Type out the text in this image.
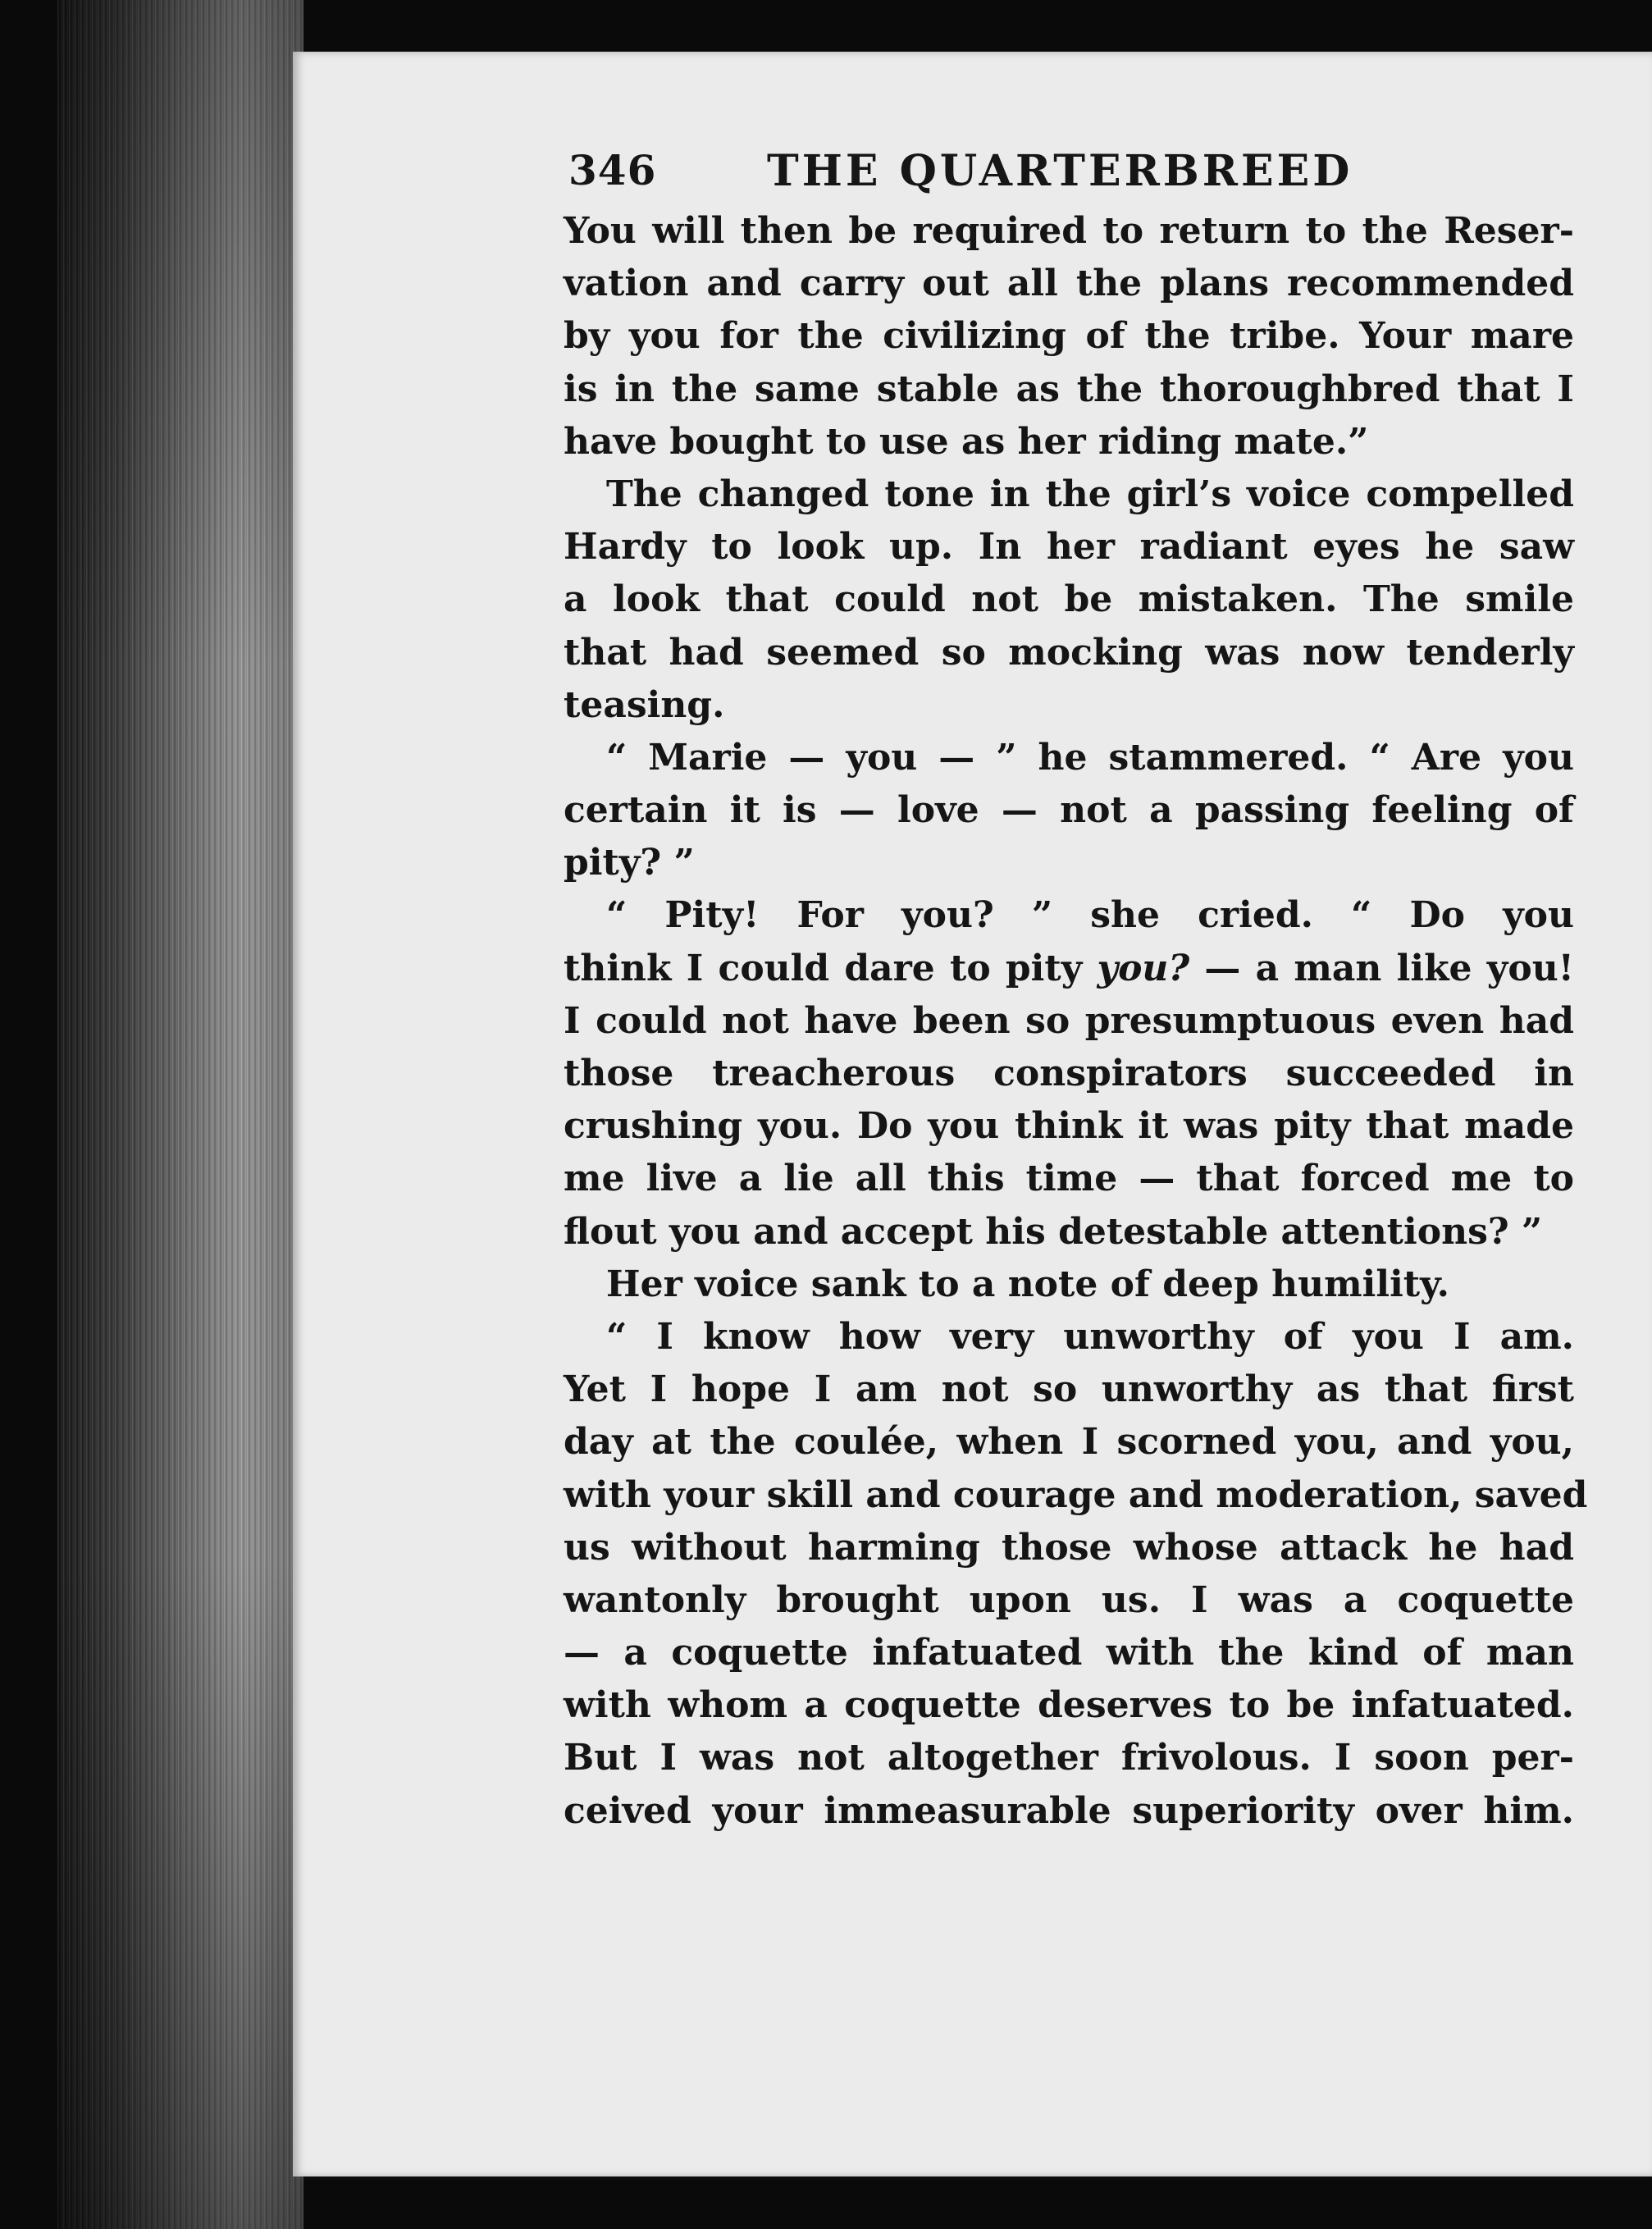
346	THE QUARTERBREED
You will then be required to return to the Reser-
vation and carry out all the plans recommended
by you for the civilizing of the tribe. Your mare
is in the same stable as the thoroughbred that I
have bought to use as her riding mate.”
The changed tone in the girl’s voice compelled
Hardy to look up. In her radiant eyes he saw
a look that could not be mistaken. The smile
that had seemed so mocking was now tenderly
teasing.
“ Marie — you — ” he stammered. “ Are you
certain it is — love — not a passing feeling of
pity? ”
“ Pity! For you? ” she cried. “ Do you
think I could dare to pity you? — a man like you!
I could not have been so presumptuous even had
those treacherous conspirators succeeded in
crushing you. Do you think it was pity that made
me live a lie all this time — that forced me to
flout you and accept his detestable attentions? ”
Her voice sank to a note of deep humility.
“ I know how very unworthy of you I am.
Yet I hope I am not so unworthy as that first
day at the coulée, when I scorned you, and you,
with your skill and courage and moderation, saved
us without harming those whose attack he had
wantonly brought upon us. I was a coquette
— a coquette infatuated with the kind of man
with whom a coquette deserves to be infatuated.
But I was not altogether frivolous. I soon per-
ceived your immeasurable superiority over him.
